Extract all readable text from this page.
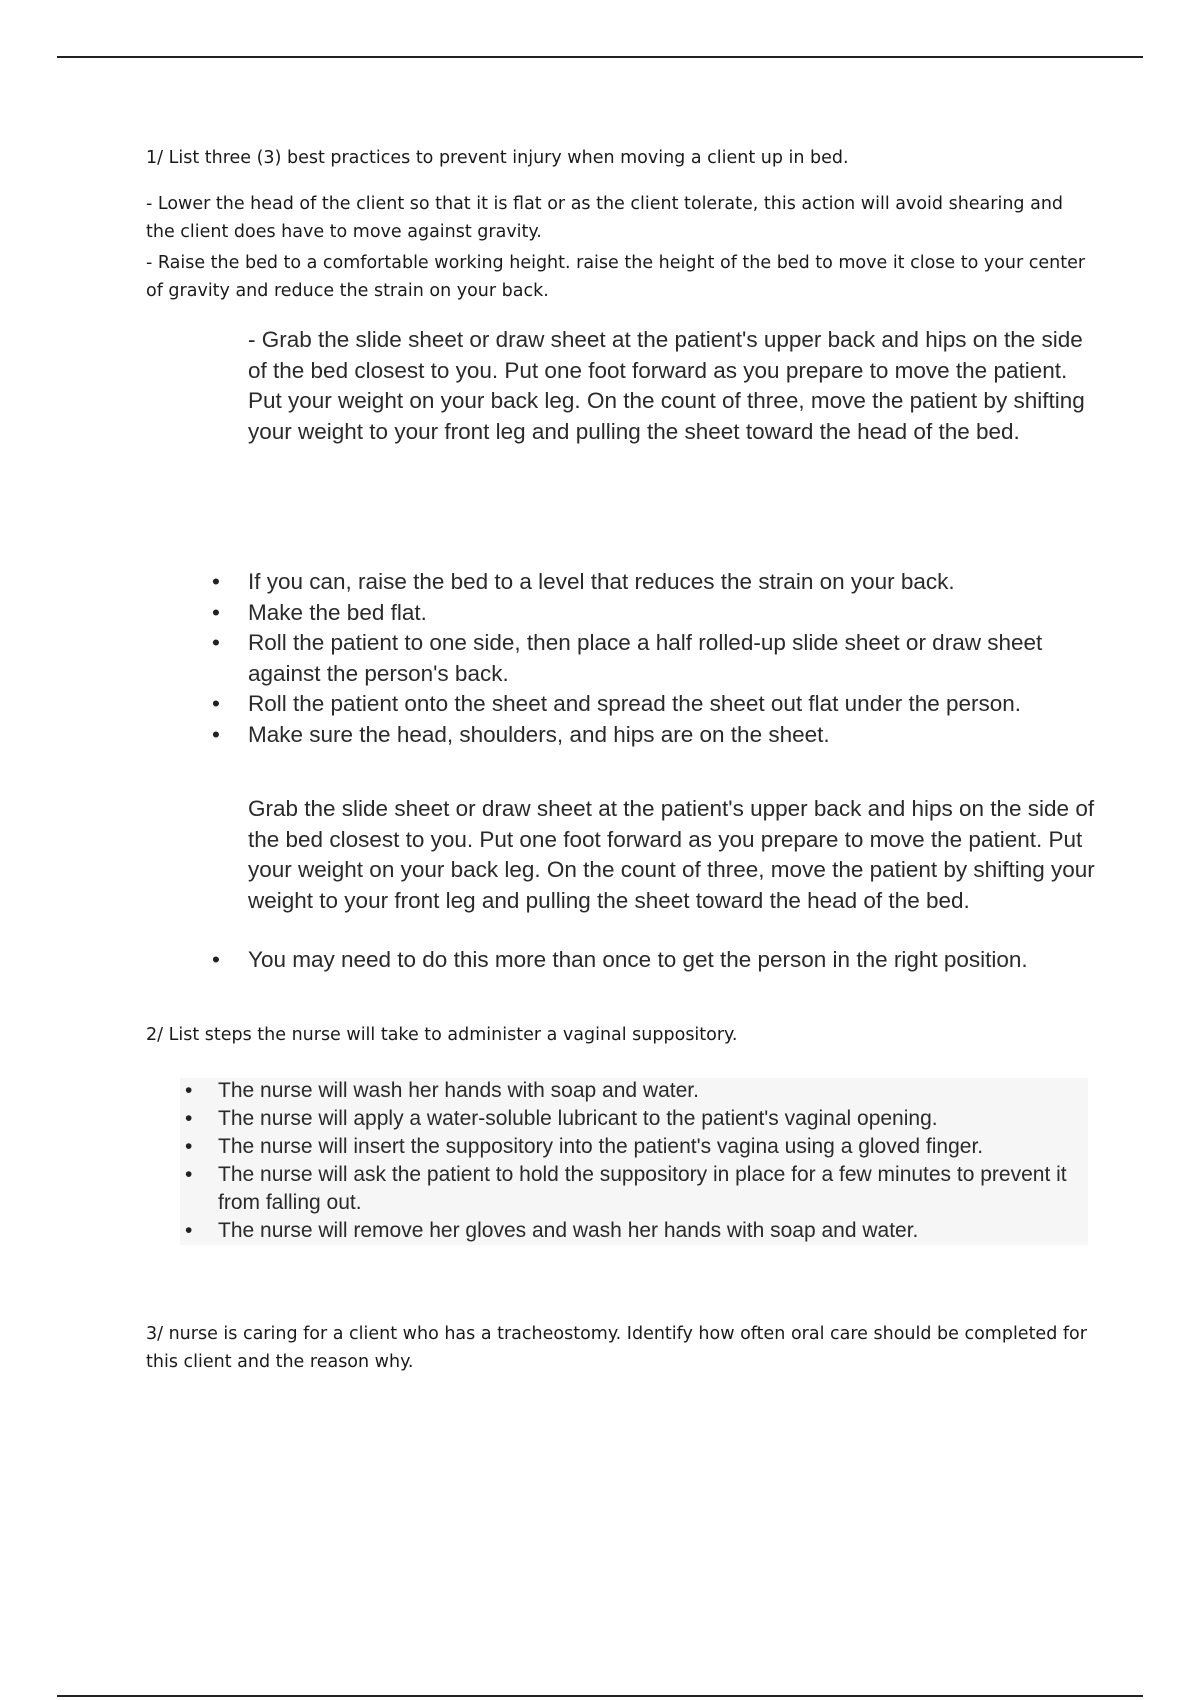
1/ List three (3) best practices to prevent injury when moving a client up in bed.

- Lower the head of the client so that it is flat or as the client tolerate, this action will avoid shearing and the client does have to move against gravity.

- Raise the bed to a comfortable working height. raise the height of the bed to move it close to your center of gravity and reduce the strain on your back.

- Grab the slide sheet or draw sheet at the patient's upper back and hips on the side of the bed closest to you. Put one foot forward as you prepare to move the patient. Put your weight on your back leg. On the count of three, move the patient by shifting your weight to your front leg and pulling the sheet toward the head of the bed.

• If you can, raise the bed to a level that reduces the strain on your back.
• Make the bed flat.
• Roll the patient to one side, then place a half rolled-up slide sheet or draw sheet against the person's back.
• Roll the patient onto the sheet and spread the sheet out flat under the person.
• Make sure the head, shoulders, and hips are on the sheet.

Grab the slide sheet or draw sheet at the patient's upper back and hips on the side of the bed closest to you. Put one foot forward as you prepare to move the patient. Put your weight on your back leg. On the count of three, move the patient by shifting your weight to your front leg and pulling the sheet toward the head of the bed.

• You may need to do this more than once to get the person in the right position.

2/ List steps the nurse will take to administer a vaginal suppository.

• The nurse will wash her hands with soap and water.
• The nurse will apply a water-soluble lubricant to the patient's vaginal opening.
• The nurse will insert the suppository into the patient's vagina using a gloved finger.
• The nurse will ask the patient to hold the suppository in place for a few minutes to prevent it from falling out.
• The nurse will remove her gloves and wash her hands with soap and water.

3/ nurse is caring for a client who has a tracheostomy. Identify how often oral care should be completed for this client and the reason why.
